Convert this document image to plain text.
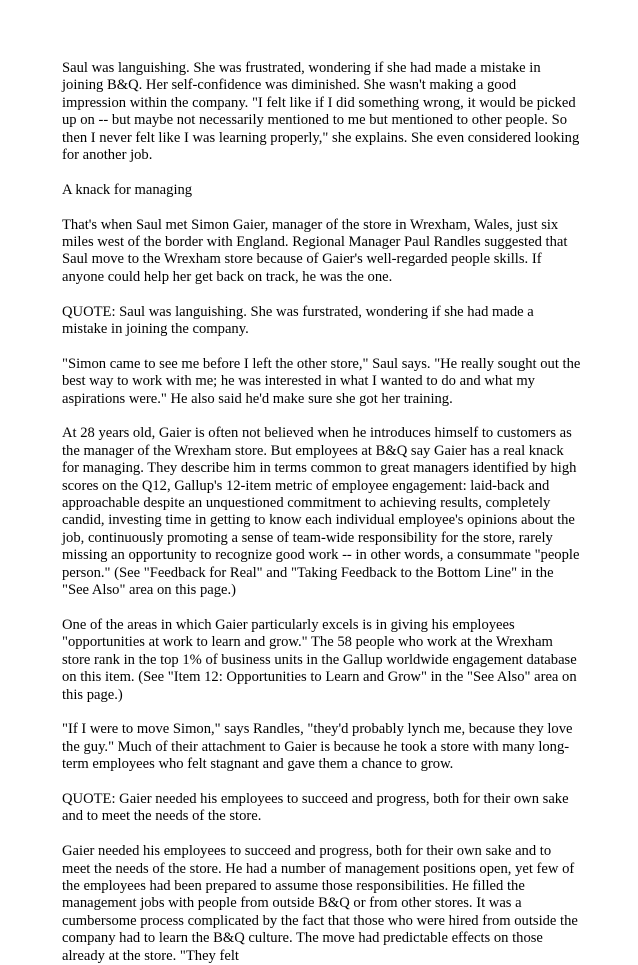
Saul was languishing. She was frustrated, wondering if she had made a mistake in joining B&Q. Her self-confidence was diminished. She wasn't making a good impression within the company. "I felt like if I did something wrong, it would be picked up on -- but maybe not necessarily mentioned to me but mentioned to other people. So then I never felt like I was learning properly," she explains. She even considered looking for another job.

A knack for managing

That's when Saul met Simon Gaier, manager of the store in Wrexham, Wales, just six miles west of the border with England. Regional Manager Paul Randles suggested that Saul move to the Wrexham store because of Gaier's well-regarded people skills. If anyone could help her get back on track, he was the one.

QUOTE: Saul was languishing. She was furstrated, wondering if she had made a mistake in joining the company.

"Simon came to see me before I left the other store," Saul says. "He really sought out the best way to work with me; he was interested in what I wanted to do and what my aspirations were." He also said he'd make sure she got her training.

At 28 years old, Gaier is often not believed when he introduces himself to customers as the manager of the Wrexham store. But employees at B&Q say Gaier has a real knack for managing. They describe him in terms common to great managers identified by high scores on the Q12, Gallup's 12-item metric of employee engagement: laid-back and approachable despite an unquestioned commitment to achieving results, completely candid, investing time in getting to know each individual employee's opinions about the job, continuously promoting a sense of team-wide responsibility for the store, rarely missing an opportunity to recognize good work -- in other words, a consummate "people person." (See "Feedback for Real" and "Taking Feedback to the Bottom Line" in the "See Also" area on this page.)

One of the areas in which Gaier particularly excels is in giving his employees "opportunities at work to learn and grow." The 58 people who work at the Wrexham store rank in the top 1% of business units in the Gallup worldwide engagement database on this item. (See "Item 12: Opportunities to Learn and Grow" in the "See Also" area on this page.)

"If I were to move Simon," says Randles, "they'd probably lynch me, because they love the guy." Much of their attachment to Gaier is because he took a store with many long-term employees who felt stagnant and gave them a chance to grow.

QUOTE: Gaier needed his employees to succeed and progress, both for their own sake and to meet the needs of the store.

Gaier needed his employees to succeed and progress, both for their own sake and to meet the needs of the store. He had a number of management positions open, yet few of the employees had been prepared to assume those responsibilities. He filled the management jobs with people from outside B&Q or from other stores. It was a cumbersome process complicated by the fact that those who were hired from outside the company had to learn the B&Q culture. The move had predictable effects on those already at the store. "They felt
